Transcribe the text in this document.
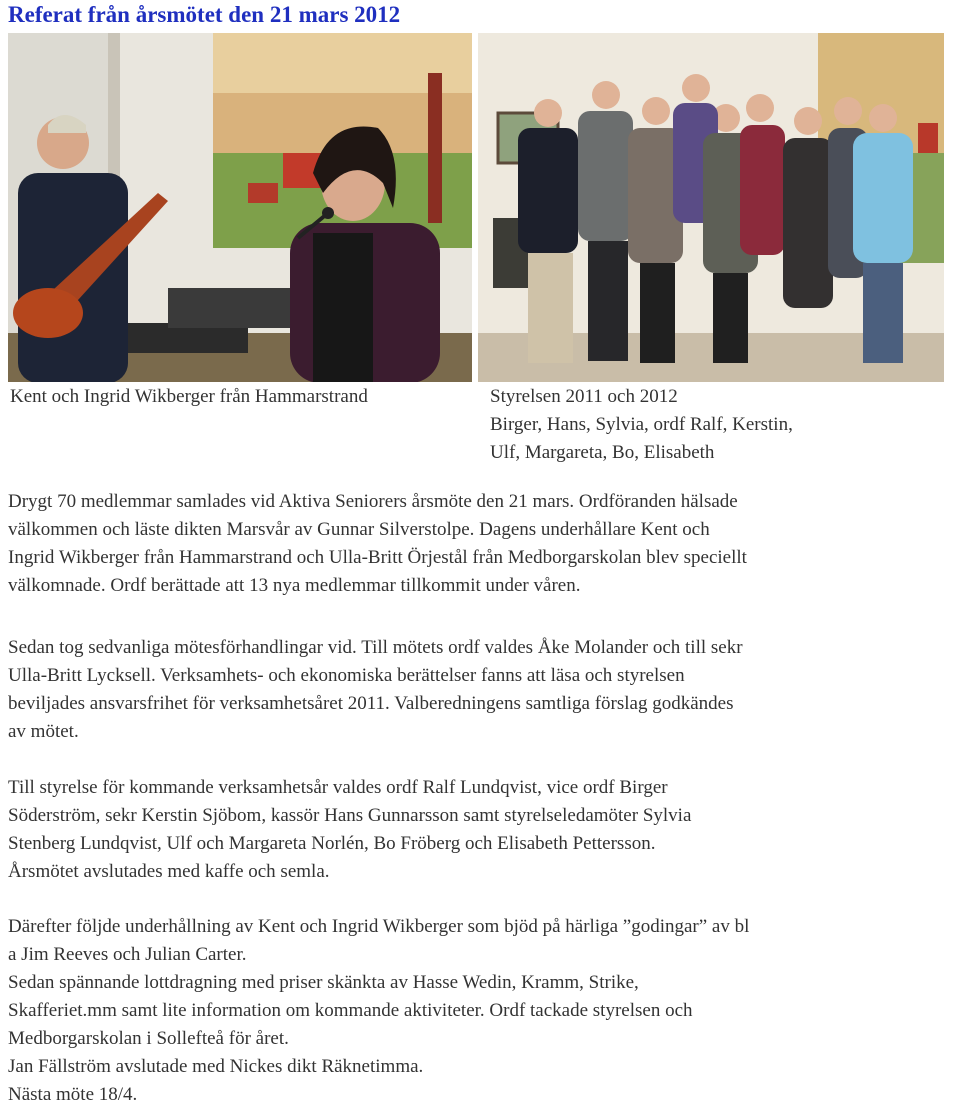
Referat från årsmötet den 21 mars 2012
Kent och Ingrid Wikberger från Hammarstrand	Styrelsen 2011 och 2012
Birger, Hans, Sylvia, ordf Ralf, Kerstin,
Ulf, Margareta, Bo, Elisabeth
Drygt 70 medlemmar samlades vid Aktiva Seniorers årsmöte den 21 mars. Ordföranden hälsade
välkommen och läste dikten Marsvår av Gunnar Silverstolpe. Dagens underhållare Kent och
Ingrid Wikberger från Hammarstrand och Ulla-Britt Örjestål från Medborgarskolan blev speciellt
välkomnade. Ordf berättade att 13 nya medlemmar tillkommit under våren.
Sedan tog sedvanliga mötesförhandlingar vid. Till mötets ordf valdes Åke Molander och till sekr
Ulla-Britt Lycksell. Verksamhets- och ekonomiska berättelser fanns att läsa och styrelsen
beviljades ansvarsfrihet för verksamhetsåret 2011. Valberedningens samtliga förslag godkändes
av mötet.
Till styrelse för kommande verksamhetsår valdes ordf Ralf Lundqvist, vice ordf Birger
Söderström, sekr Kerstin Sjöbom, kassör Hans Gunnarsson samt styrelseledamöter Sylvia
Stenberg Lundqvist, Ulf och Margareta Norlén, Bo Fröberg och Elisabeth Pettersson.
Årsmötet avslutades med kaffe och semla.
Därefter följde underhållning av Kent och Ingrid Wikberger som bjöd på härliga ”godingar” av bl
a Jim Reeves och Julian Carter.
Sedan spännande lottdragning med priser skänkta av Hasse Wedin, Kramm, Strike,
Skafferiet.mm samt lite information om kommande aktiviteter. Ordf tackade styrelsen och
Medborgarskolan i Sollefteå för året.
Jan Fällström avslutade med Nickes dikt Räknetimma.
Nästa möte 18/4.
